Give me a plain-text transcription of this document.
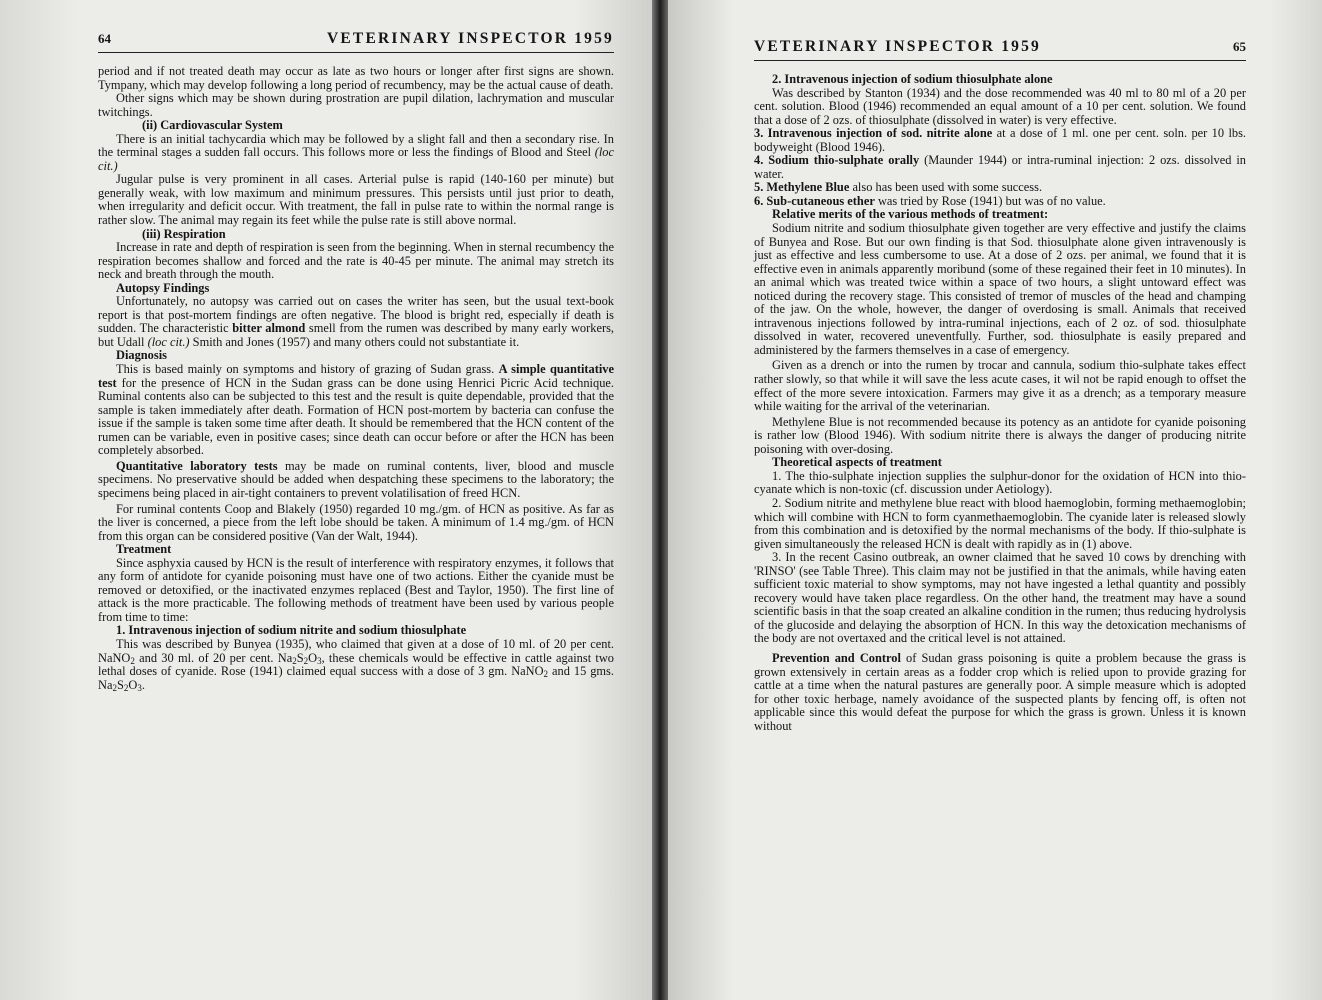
64	VETERINARY INSPECTOR 1959

period and if not treated death may occur as late as two hours or longer after first signs are shown. Tympany, which may develop following a long period of recumbency, may be the actual cause of death.

Other signs which may be shown during prostration are pupil dilation, lachrymation and muscular twitchings.

(ii) Cardiovascular System

There is an initial tachycardia which may be followed by a slight fall and then a secondary rise. In the terminal stages a sudden fall occurs. This follows more or less the findings of Blood and Steel (loc cit.)

Jugular pulse is very prominent in all cases. Arterial pulse is rapid (140-160 per minute) but generally weak, with low maximum and minimum pressures. This persists until just prior to death, when irregularity and deficit occur. With treatment, the fall in pulse rate to within the normal range is rather slow. The animal may regain its feet while the pulse rate is still above normal.

(iii) Respiration

Increase in rate and depth of respiration is seen from the beginning. When in sternal recumbency the respiration becomes shallow and forced and the rate is 40-45 per minute. The animal may stretch its neck and breath through the mouth.

Autopsy Findings

Unfortunately, no autopsy was carried out on cases the writer has seen, but the usual text-book report is that post-mortem findings are often negative. The blood is bright red, especially if death is sudden. The characteristic bitter almond smell from the rumen was described by many early workers, but Udall (loc cit.) Smith and Jones (1957) and many others could not substantiate it.

Diagnosis

This is based mainly on symptoms and history of grazing of Sudan grass. A simple quantitative test for the presence of HCN in the Sudan grass can be done using Henrici Picric Acid technique. Ruminal contents also can be subjected to this test and the result is quite dependable, provided that the sample is taken immediately after death. Formation of HCN post-mortem by bacteria can confuse the issue if the sample is taken some time after death. It should be remembered that the HCN content of the rumen can be variable, even in positive cases; since death can occur before or after the HCN has been completely absorbed.

Quantitative laboratory tests may be made on ruminal contents, liver, blood and muscle specimens. No preservative should be added when despatching these specimens to the laboratory; the specimens being placed in air-tight containers to prevent volatilisation of freed HCN.

For ruminal contents Coop and Blakely (1950) regarded 10 mg./gm. of HCN as positive. As far as the liver is concerned, a piece from the left lobe should be taken. A minimum of 1.4 mg./gm. of HCN from this organ can be considered positive (Van der Walt, 1944).

Treatment

Since asphyxia caused by HCN is the result of interference with respiratory enzymes, it follows that any form of antidote for cyanide poisoning must have one of two actions. Either the cyanide must be removed or detoxified, or the inactivated enzymes replaced (Best and Taylor, 1950). The first line of attack is the more practicable. The following methods of treatment have been used by various people from time to time:

1. Intravenous injection of sodium nitrite and sodium thiosulphate

This was described by Bunyea (1935), who claimed that given at a dose of 10 ml. of 20 per cent. NaNO$_2$ and 30 ml. of 20 per cent. $Na_2S_2O_3$, these chemicals would be effective in cattle against two lethal doses of cyanide. Rose (1941) claimed equal success with a dose of 3 gm. NaNO$_2$ and 15 gms. $Na_2S_2O_3$.

VETERINARY INSPECTOR 1959	65

2. Intravenous injection of sodium thiosulphate alone

Was described by Stanton (1934) and the dose recommended was 40 ml to 80 ml of a 20 per cent. solution. Blood (1946) recommended an equal amount of a 10 per cent. solution. We found that a dose of 2 ozs. of thiosulphate (dissolved in water) is very effective.

3. Intravenous injection of sod. nitrite alone at a dose of 1 ml. one per cent. soln. per 10 lbs. bodyweight (Blood 1946).

4. Sodium thio-sulphate orally (Maunder 1944) or intra-ruminal injection: 2 ozs. dissolved in water.

5. Methylene Blue also has been used with some success.

6. Sub-cutaneous ether was tried by Rose (1941) but was of no value.

Relative merits of the various methods of treatment:

Sodium nitrite and sodium thiosulphate given together are very effective and justify the claims of Bunyea and Rose. But our own finding is that Sod. thiosulphate alone given intravenously is just as effective and less cumbersome to use. At a dose of 2 ozs. per animal, we found that it is effective even in animals apparently moribund (some of these regained their feet in 10 minutes). In an animal which was treated twice within a space of two hours, a slight untoward effect was noticed during the recovery stage. This consisted of tremor of muscles of the head and champing of the jaw. On the whole, however, the danger of overdosing is small. Animals that received intravenous injections followed by intra-ruminal injections, each of 2 oz. of sod. thiosulphate dissolved in water, recovered uneventfully. Further, sod. thiosulphate is easily prepared and administered by the farmers themselves in a case of emergency.

Given as a drench or into the rumen by trocar and cannula, sodium thio-sulphate takes effect rather slowly, so that while it will save the less acute cases, it wil not be rapid enough to offset the effect of the more severe intoxication. Farmers may give it as a drench; as a temporary measure while waiting for the arrival of the veterinarian.

Methylene Blue is not recommended because its potency as an antidote for cyanide poisoning is rather low (Blood 1946). With sodium nitrite there is always the danger of producing nitrite poisoning with over-dosing.

Theoretical aspects of treatment

1. The thio-sulphate injection supplies the sulphur-donor for the oxidation of HCN into thio-cyanate which is non-toxic (cf. discussion under Aetiology).

2. Sodium nitrite and methylene blue react with blood haemoglobin, forming methaemoglobin; which will combine with HCN to form cyanmethaemoglobin. The cyanide later is released slowly from this combination and is detoxified by the normal mechanisms of the body. If thio-sulphate is given simultaneously the released HCN is dealt with rapidly as in (1) above.

3. In the recent Casino outbreak, an owner claimed that he saved 10 cows by drenching with 'RINSO' (see Table Three). This claim may not be justified in that the animals, while having eaten sufficient toxic material to show symptoms, may not have ingested a lethal quantity and possibly recovery would have taken place regardless. On the other hand, the treatment may have a sound scientific basis in that the soap created an alkaline condition in the rumen; thus reducing hydrolysis of the glucoside and delaying the absorption of HCN. In this way the detoxication mechanisms of the body are not overtaxed and the critical level is not attained.

Prevention and Control of Sudan grass poisoning is quite a problem because the grass is grown extensively in certain areas as a fodder crop which is relied upon to provide grazing for cattle at a time when the natural pastures are generally poor. A simple measure which is adopted for other toxic herbage, namely avoidance of the suspected plants by fencing off, is often not applicable since this would defeat the purpose for which the grass is grown. Unless it is known without
